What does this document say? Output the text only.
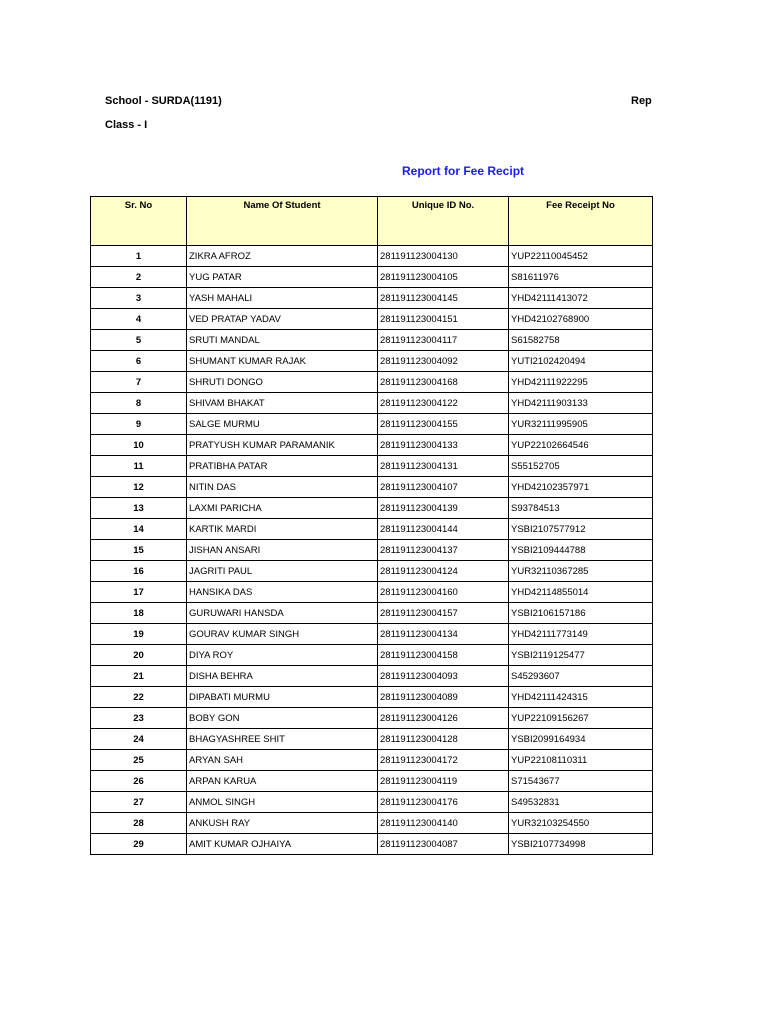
School - SURDA(1191)	Rep
Class - I
Report for Fee Recipt
Sr. No	Name Of Student	Unique ID No.	Fee Receipt No
1	ZIKRA AFROZ	281191123004130	YUP22110045452
2	YUG PATAR	281191123004105	S81611976
3	YASH MAHALI	281191123004145	YHD42111413072
4	VED PRATAP YADAV	281191123004151	YHD42102768900
5	SRUTI MANDAL	281191123004117	S61582758
6	SHUMANT KUMAR RAJAK	281191123004092	YUTI2102420494
7	SHRUTI DONGO	281191123004168	YHD42111922295
8	SHIVAM BHAKAT	281191123004122	YHD42111903133
9	SALGE MURMU	281191123004155	YUR32111995905
10	PRATYUSH KUMAR PARAMANIK	281191123004133	YUP22102664546
11	PRATIBHA PATAR	281191123004131	S55152705
12	NITIN DAS	281191123004107	YHD42102357971
13	LAXMI PARICHA	281191123004139	S93784513
14	KARTIK MARDI	281191123004144	YSBI2107577912
15	JISHAN ANSARI	281191123004137	YSBI2109444788
16	JAGRITI PAUL	281191123004124	YUR32110367285
17	HANSIKA DAS	281191123004160	YHD42114855014
18	GURUWARI HANSDA	281191123004157	YSBI2106157186
19	GOURAV KUMAR SINGH	281191123004134	YHD42111773149
20	DIYA ROY	281191123004158	YSBI2119125477
21	DISHA BEHRA	281191123004093	S45293607
22	DIPABATI MURMU	281191123004089	YHD42111424315
23	BOBY GON	281191123004126	YUP22109156267
24	BHAGYASHREE SHIT	281191123004128	YSBI2099164934
25	ARYAN SAH	281191123004172	YUP22108110311
26	ARPAN KARUA	281191123004119	S71543677
27	ANMOL SINGH	281191123004176	S49532831
28	ANKUSH RAY	281191123004140	YUR32103254550
29	AMIT KUMAR OJHAIYA	281191123004087	YSBI2107734998
